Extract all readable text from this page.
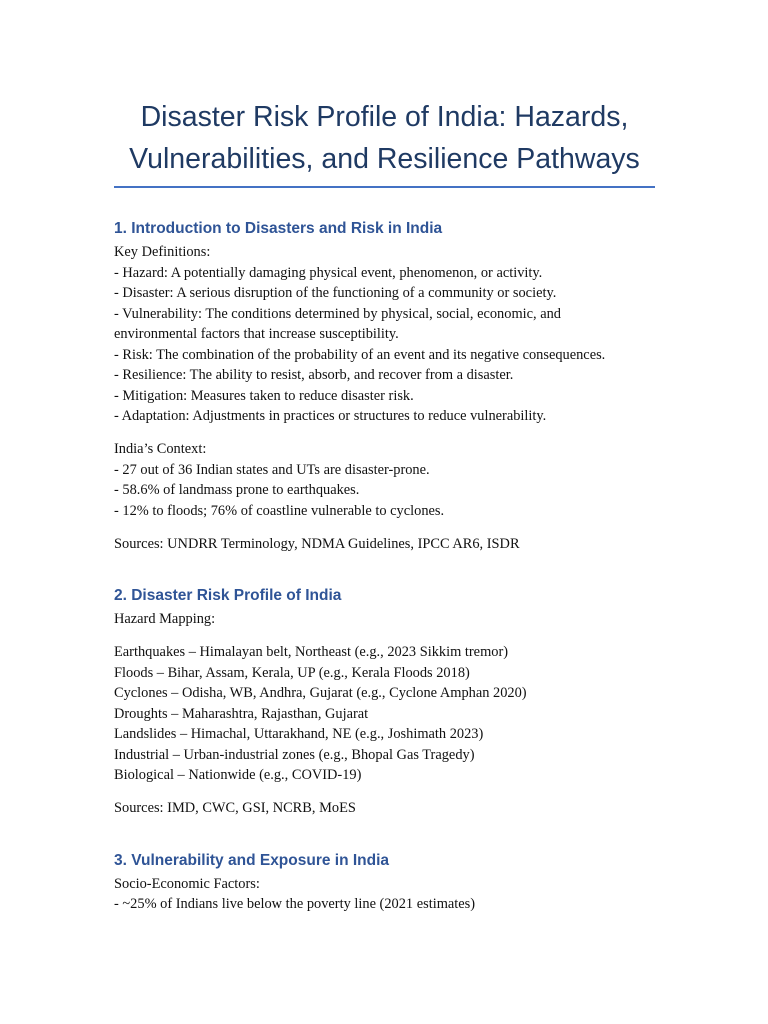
Disaster Risk Profile of India: Hazards,
Vulnerabilities, and Resilience Pathways
1. Introduction to Disasters and Risk in India

Key Definitions:

- Hazard: A potentially damaging physical event, phenomenon, or activity.

- Disaster: A serious disruption of the functioning of a community or society.

- Vulnerability: The conditions determined by physical, social, economic, and

environmental factors that increase susceptibility.

- Risk: The combination of the probability of an event and its negative consequences.

- Resilience: The ability to resist, absorb, and recover from a disaster.

- Mitigation: Measures taken to reduce disaster risk.

- Adaptation: Adjustments in practices or structures to reduce vulnerability.

India’s Context:

- 27 out of 36 Indian states and UTs are disaster-prone.

- 58.6% of landmass prone to earthquakes.

- 12% to floods; 76% of coastline vulnerable to cyclones.

Sources: UNDRR Terminology, NDMA Guidelines, IPCC AR6, ISDR

2. Disaster Risk Profile of India

Hazard Mapping:

Earthquakes – Himalayan belt, Northeast (e.g., 2023 Sikkim tremor)

Floods – Bihar, Assam, Kerala, UP (e.g., Kerala Floods 2018)

Cyclones – Odisha, WB, Andhra, Gujarat (e.g., Cyclone Amphan 2020)

Droughts – Maharashtra, Rajasthan, Gujarat

Landslides – Himachal, Uttarakhand, NE (e.g., Joshimath 2023)

Industrial – Urban-industrial zones (e.g., Bhopal Gas Tragedy)

Biological – Nationwide (e.g., COVID-19)

Sources: IMD, CWC, GSI, NCRB, MoES

3. Vulnerability and Exposure in India

Socio-Economic Factors:

- ~25% of Indians live below the poverty line (2021 estimates)
